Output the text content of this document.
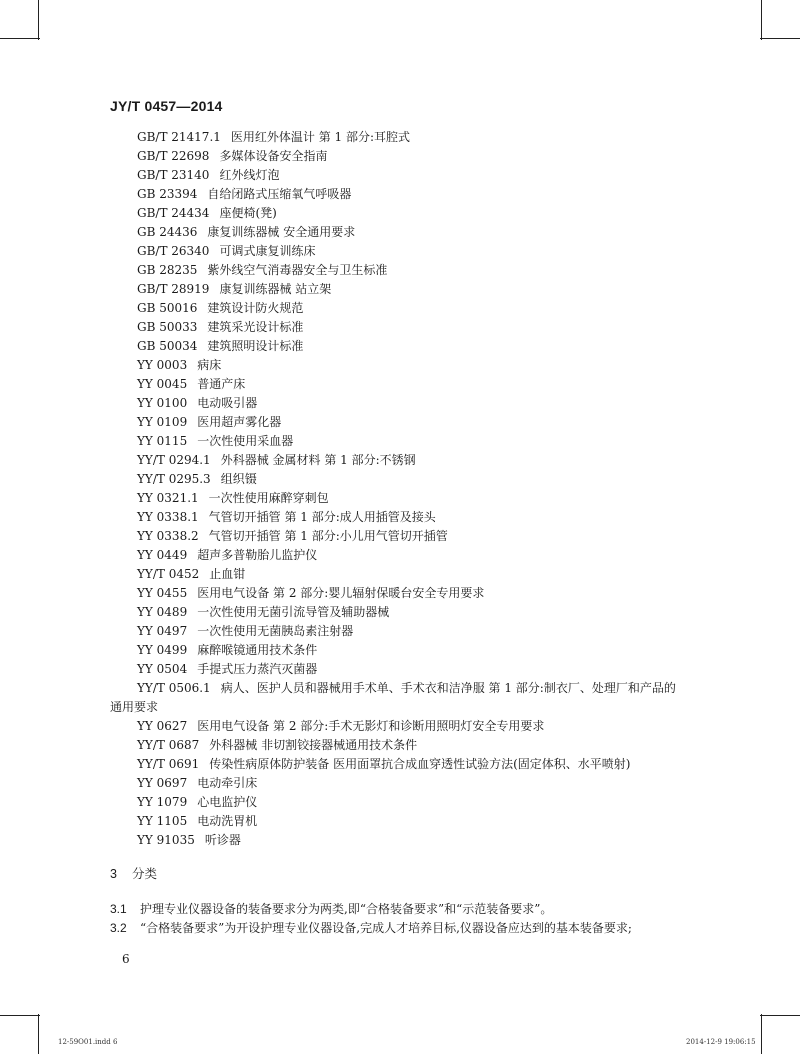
JY/T 0457—2014
GB/T 21417.1 医用红外体温计 第 1 部分:耳腔式
GB/T 22698 多媒体设备安全指南
GB/T 23140 红外线灯泡
GB 23394 自给闭路式压缩氧气呼吸器
GB/T 24434 座便椅(凳)
GB 24436 康复训练器械 安全通用要求
GB/T 26340 可调式康复训练床
GB 28235 紫外线空气消毒器安全与卫生标准
GB/T 28919 康复训练器械 站立架
GB 50016 建筑设计防火规范
GB 50033 建筑采光设计标准
GB 50034 建筑照明设计标准
YY 0003 病床
YY 0045 普通产床
YY 0100 电动吸引器
YY 0109 医用超声雾化器
YY 0115 一次性使用采血器
YY/T 0294.1 外科器械 金属材料 第 1 部分:不锈钢
YY/T 0295.3 组织镊
YY 0321.1 一次性使用麻醉穿刺包
YY 0338.1 气管切开插管 第 1 部分:成人用插管及接头
YY 0338.2 气管切开插管 第 1 部分:小儿用气管切开插管
YY 0449 超声多普勒胎儿监护仪
YY/T 0452 止血钳
YY 0455 医用电气设备 第 2 部分:婴儿辐射保暖台安全专用要求
YY 0489 一次性使用无菌引流导管及辅助器械
YY 0497 一次性使用无菌胰岛素注射器
YY 0499 麻醉喉镜通用技术条件
YY 0504 手提式压力蒸汽灭菌器
YY/T 0506.1 病人、医护人员和器械用手术单、手术衣和洁净服 第 1 部分:制衣厂、处理厂和产品的通用要求
YY 0627 医用电气设备 第 2 部分:手术无影灯和诊断用照明灯安全专用要求
YY/T 0687 外科器械 非切割铰接器械通用技术条件
YY/T 0691 传染性病原体防护装备 医用面罩抗合成血穿透性试验方法(固定体积、水平喷射)
YY 0697 电动牵引床
YY 1079 心电监护仪
YY 1105 电动洗胃机
YY 91035 听诊器
3 分类
3.1 护理专业仪器设备的装备要求分为两类,即“合格装备要求”和“示范装备要求”。
3.2 “合格装备要求”为开设护理专业仪器设备,完成人才培养目标,仪器设备应达到的基本装备要求;
6
12-59O01.indd 6	2014-12-9 19:06:15
